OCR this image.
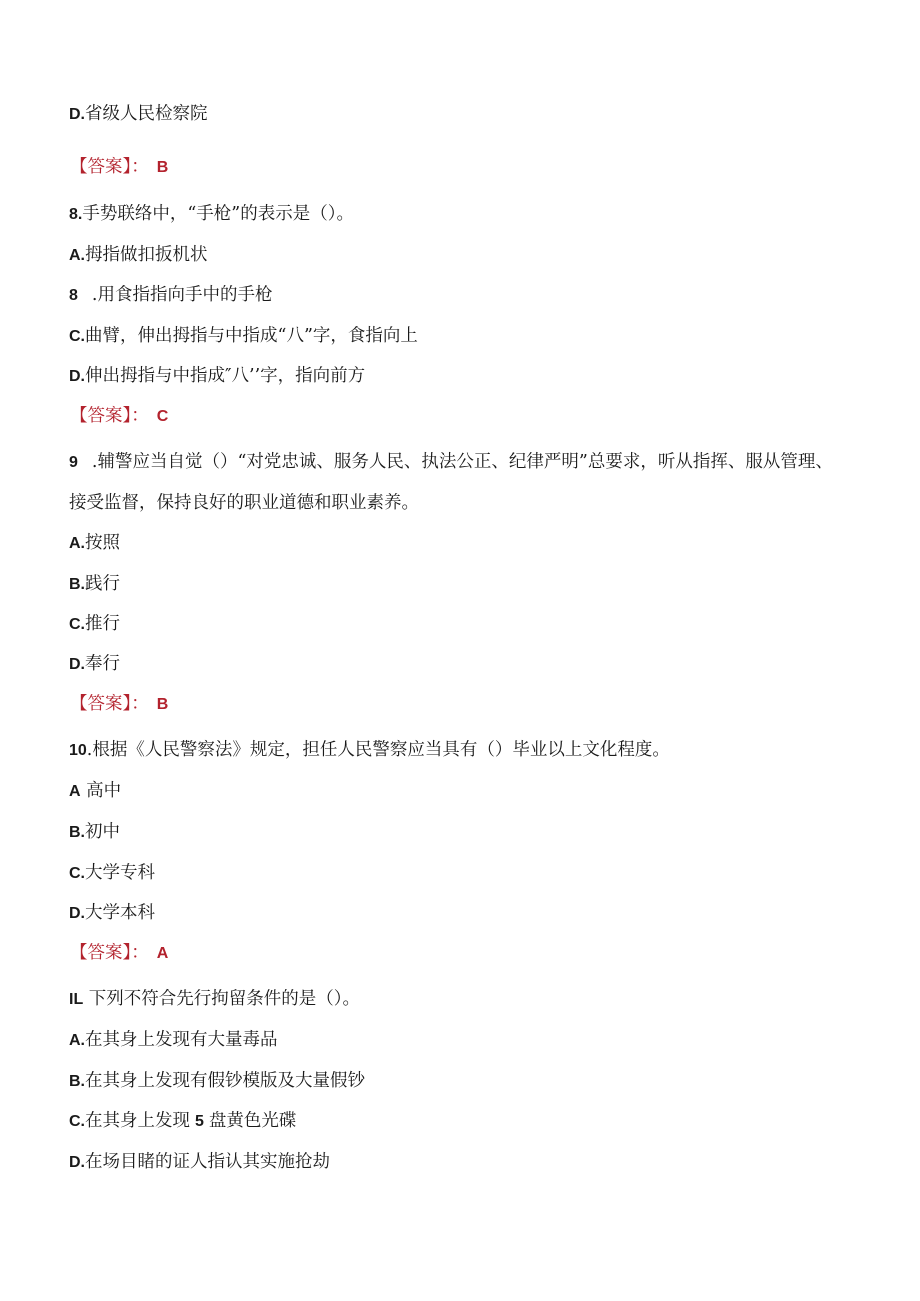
D.省级人民检察院
【答案】： B
8.手势联络中，“手枪”的表示是（）。
A.拇指做扣扳机状
8 .用食指指向手中的手枪
C.曲臂，伸出拇指与中指成“八”字，食指向上
D.伸出拇指与中指成″八’’字，指向前方
【答案】： C
9 .辅警应当自觉（）“对党忠诚、服务人民、执法公正、纪律严明”总要求，听从指挥、服从管理、接受监督，保持良好的职业道德和职业素养。
A.按照
B.践行
C.推行
D.奉行
【答案】： B
10.根据《人民警察法》规定，担任人民警察应当具有（）毕业以上文化程度。
A 高中
B.初中
C.大学专科
D.大学本科
【答案】： A
IL 下列不符合先行拘留条件的是（）。
A.在其身上发现有大量毒品
B.在其身上发现有假钞模版及大量假钞
C.在其身上发现 5 盘黄色光碟
D.在场目睹的证人指认其实施抢劫
